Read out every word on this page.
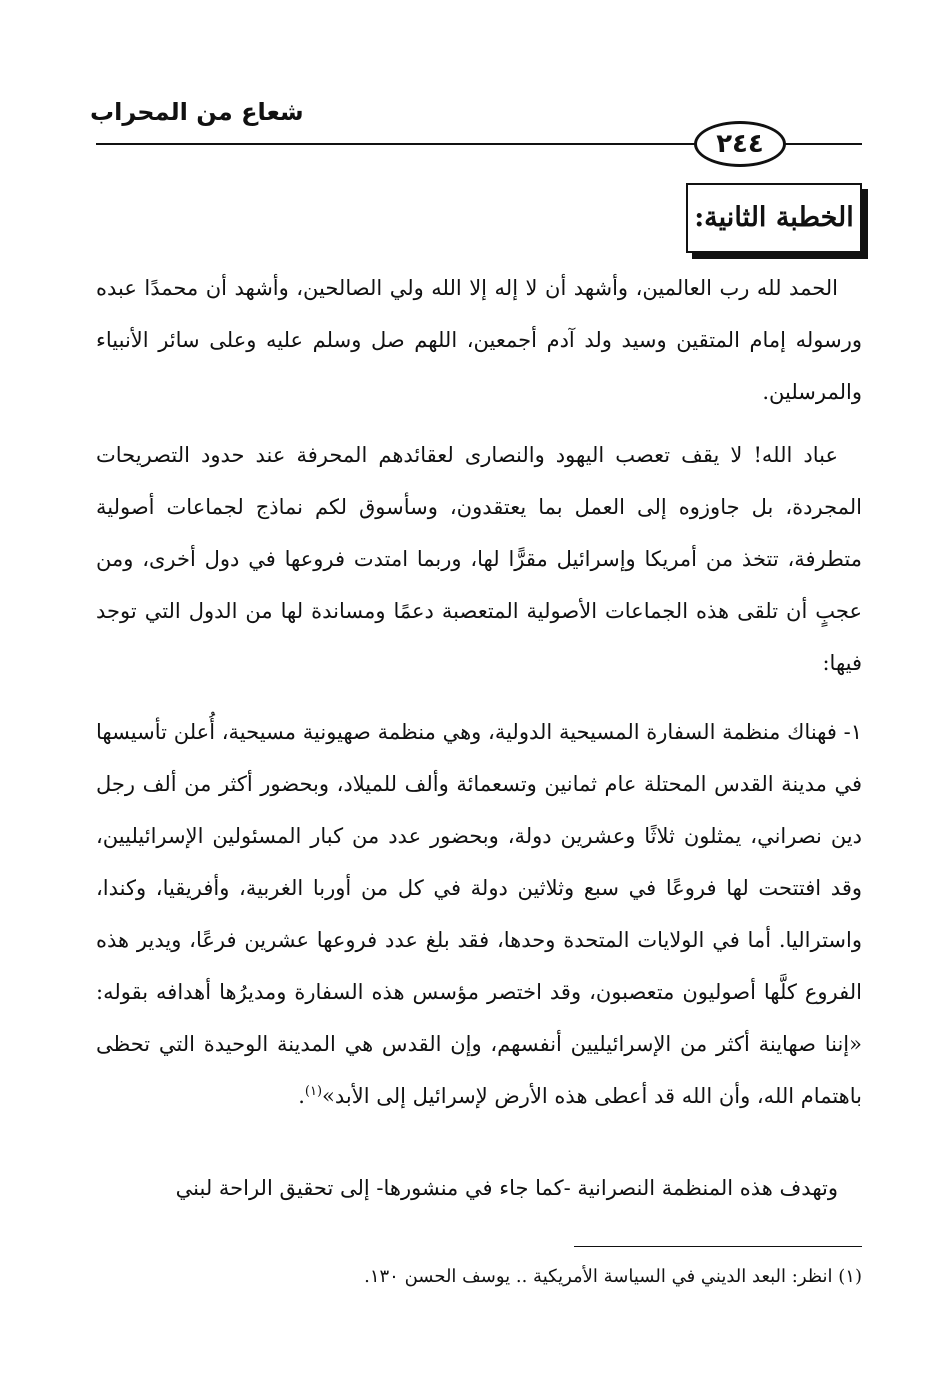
شعاع من المحراب
٢٤٤
الخطبة الثانية:

الحمد لله رب العالمين، وأشهد أن لا إله إلا الله ولي الصالحين، وأشهد أن محمدًا عبده ورسوله إمام المتقين وسيد ولد آدم أجمعين، اللهم صل وسلم عليه وعلى سائر الأنبياء والمرسلين.

عباد الله! لا يقف تعصب اليهود والنصارى لعقائدهم المحرفة عند حدود التصريحات المجردة، بل جاوزوه إلى العمل بما يعتقدون، وسأسوق لكم نماذج لجماعات أصولية متطرفة، تتخذ من أمريكا وإسرائيل مقرًّا لها، وربما امتدت فروعها في دول أخرى، ومن عجبٍ أن تلقى هذه الجماعات الأصولية المتعصبة دعمًا ومساندة لها من الدول التي توجد فيها:

١- فهناك منظمة السفارة المسيحية الدولية، وهي منظمة صهيونية مسيحية، أُعلن تأسيسها في مدينة القدس المحتلة عام ثمانين وتسعمائة وألف للميلاد، وبحضور أكثر من ألف رجل دين نصراني، يمثلون ثلاثًا وعشرين دولة، وبحضور عدد من كبار المسئولين الإسرائيليين، وقد افتتحت لها فروعًا في سبع وثلاثين دولة في كل من أوربا الغربية، وأفريقيا، وكندا، واستراليا. أما في الولايات المتحدة وحدها، فقد بلغ عدد فروعها عشرين فرعًا، ويدير هذه الفروع كلَّها أصوليون متعصبون، وقد اختصر مؤسس هذه السفارة ومديرُها أهدافه بقوله: «إننا صهاينة أكثر من الإسرائيليين أنفسهم، وإن القدس هي المدينة الوحيدة التي تحظى باهتمام الله، وأن الله قد أعطى هذه الأرض لإسرائيل إلى الأبد»$^{(١)}$.

وتهدف هذه المنظمة النصرانية -كما جاء في منشورها- إلى تحقيق الراحة لبني

(١) انظر: البعد الديني في السياسة الأمريكية .. يوسف الحسن ١٣٠.
